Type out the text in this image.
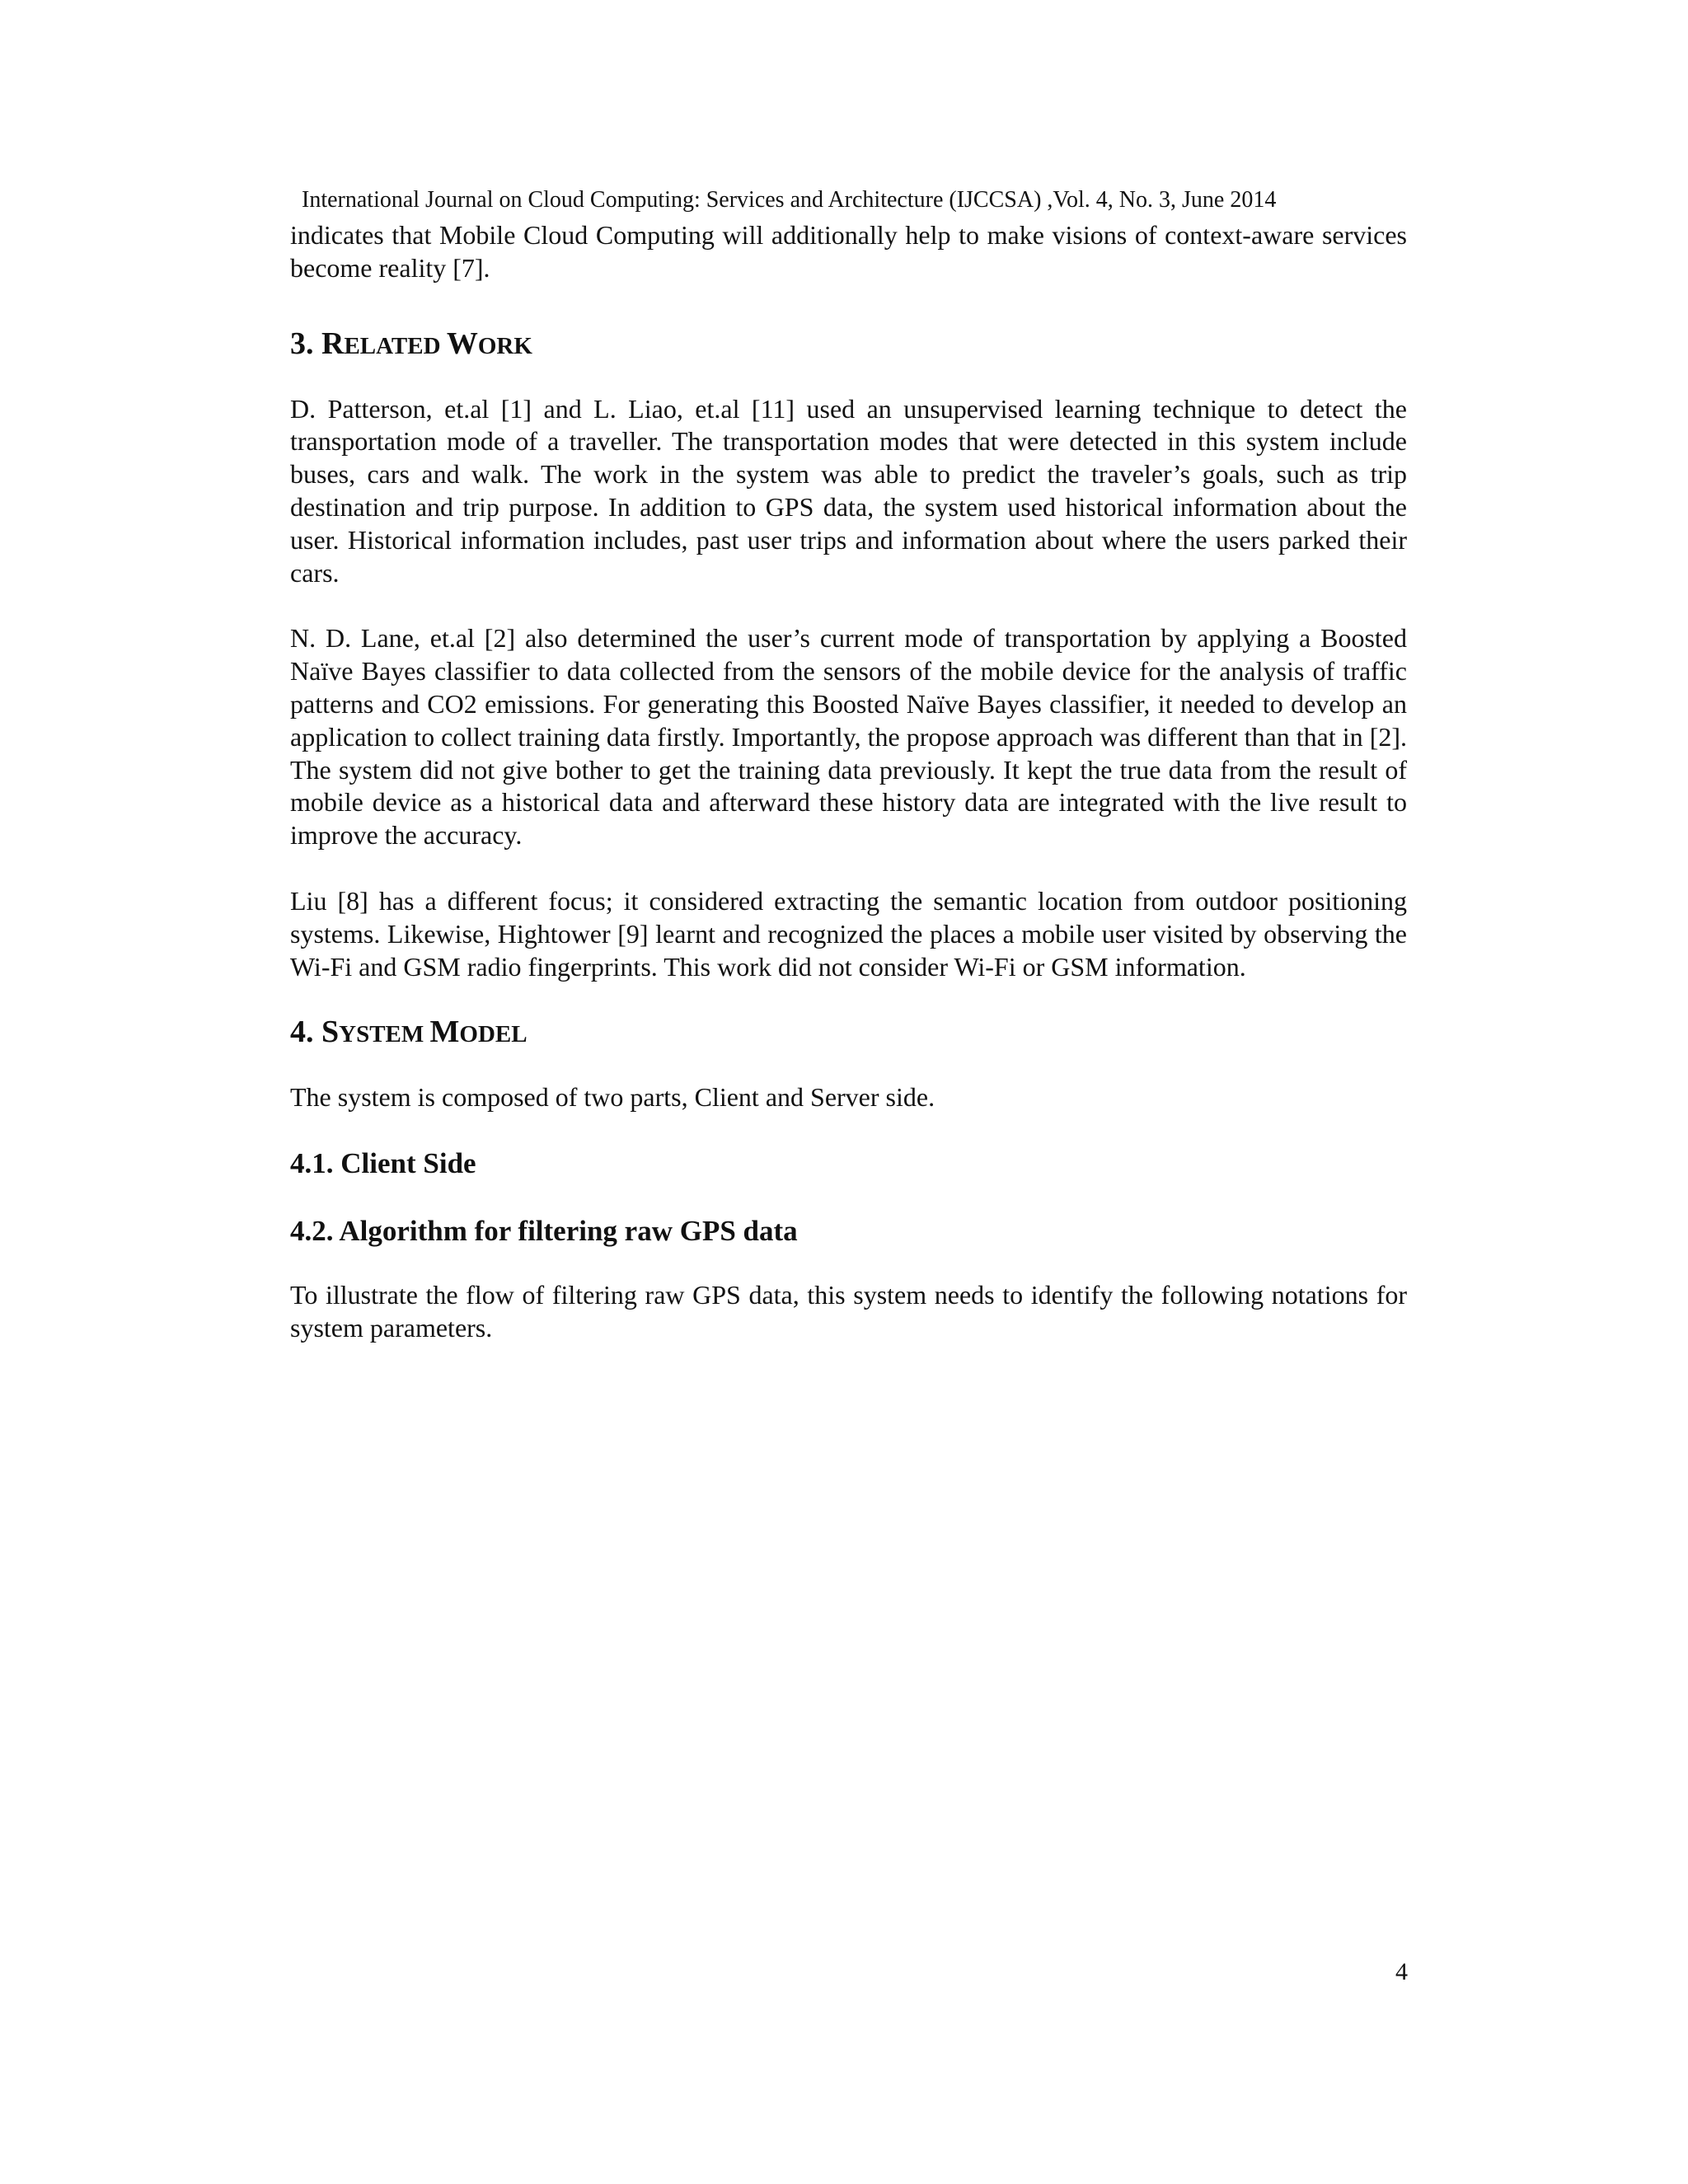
International Journal on Cloud Computing: Services and Architecture (IJCCSA) ,Vol. 4, No. 3, June 2014

indicates that Mobile Cloud Computing will additionally help to make visions of context-aware services become reality [7].

3. RELATED WORK

D. Patterson, et.al [1] and L. Liao, et.al [11] used an unsupervised learning technique to detect the transportation mode of a traveller. The transportation modes that were detected in this system include buses, cars and walk. The work in the system was able to predict the traveler’s goals, such as trip destination and trip purpose. In addition to GPS data, the system used historical information about the user. Historical information includes, past user trips and information about where the users parked their cars.

N. D. Lane, et.al [2] also determined the user’s current mode of transportation by applying a Boosted Naïve Bayes classifier to data collected from the sensors of the mobile device for the analysis of traffic patterns and CO2 emissions. For generating this Boosted Naïve Bayes classifier, it needed to develop an application to collect training data firstly. Importantly, the propose approach was different than that in [2]. The system did not give bother to get the training data previously. It kept the true data from the result of mobile device as a historical data and afterward these history data are integrated with the live result to improve the accuracy.

Liu [8] has a different focus; it considered extracting the semantic location from outdoor positioning systems. Likewise, Hightower [9] learnt and recognized the places a mobile user visited by observing the Wi-Fi and GSM radio fingerprints. This work did not consider Wi-Fi or GSM information.

4. SYSTEM MODEL

The system is composed of two parts, Client and Server side.

4.1. Client Side
4.2. Algorithm for filtering raw GPS data

To illustrate the flow of filtering raw GPS data, this system needs to identify the following notations for system parameters.

4
